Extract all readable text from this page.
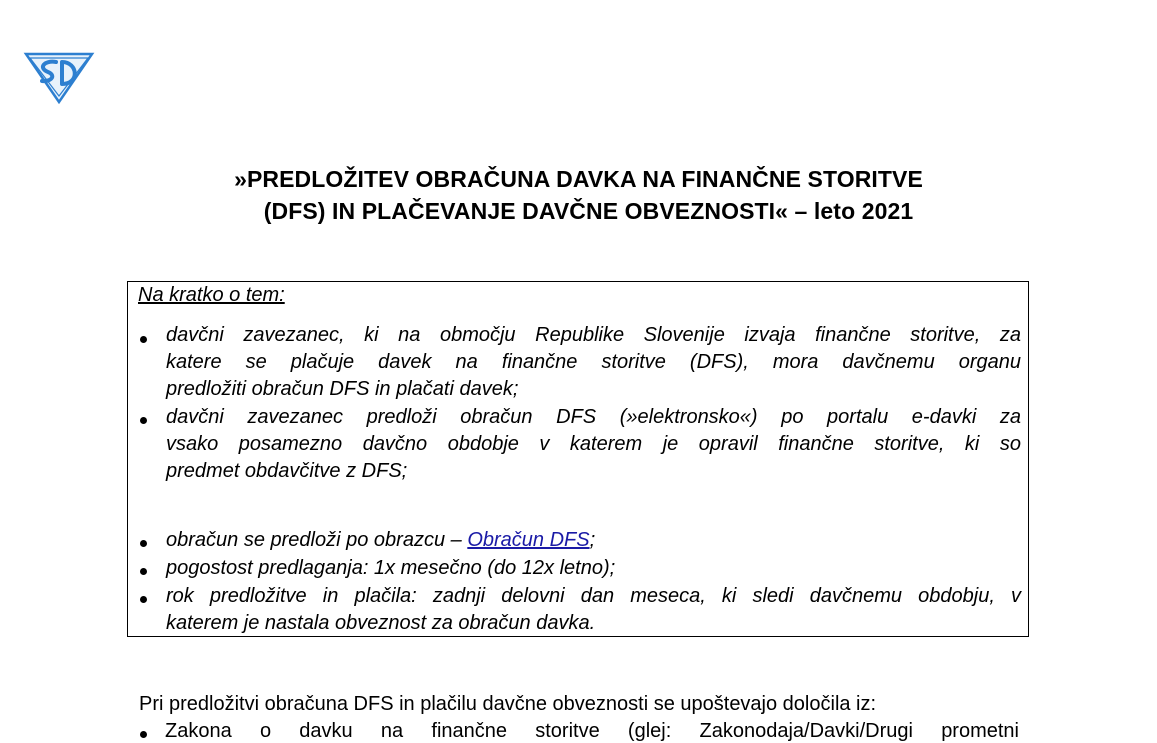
»PREDLOŽITEV OBRAČUNA DAVKA NA FINANČNE STORITVE
(DFS) IN PLAČEVANJE DAVČNE OBVEZNOSTI« – leto 2021
Na kratko o tem:
davčni zavezanec, ki na območju Republike Slovenije izvaja finančne storitve, za
katere se plačuje davek na finančne storitve (DFS), mora davčnemu organu
predložiti obračun DFS in plačati davek;
davčni zavezanec predloži obračun DFS (»elektronsko«) po portalu e-davki za
vsako posamezno davčno obdobje v katerem je opravil finančne storitve, ki so
predmet obdavčitve z DFS;
obračun se predloži po obrazcu – Obračun DFS;
pogostost predlaganja: 1x mesečno (do 12x letno);
rok predložitve in plačila: zadnji delovni dan meseca, ki sledi davčnemu obdobju, v
katerem je nastala obveznost za obračun davka.
Pri predložitvi obračuna DFS in plačilu davčne obveznosti se upoštevajo določila iz:
Zakona o davku na finančne storitve (glej: Zakonodaja/Davki/Drugi prometni
